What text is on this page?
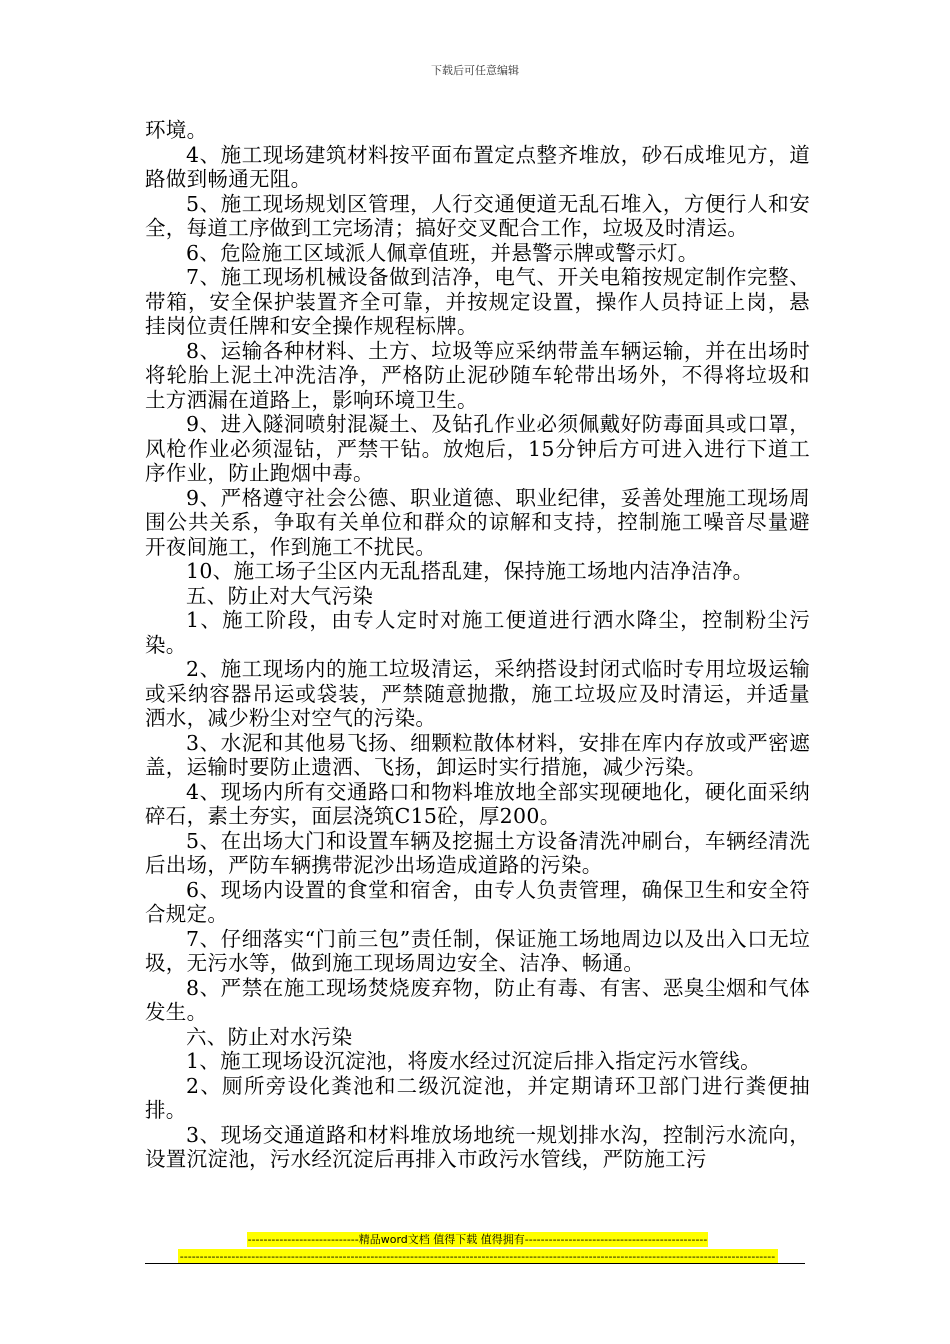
下载后可任意编辑

环境。

4、施工现场建筑材料按平面布置定点整齐堆放，砂石成堆见方，道路做到畅通无阻。

5、施工现场规划区管理，人行交通便道无乱石堆入，方便行人和安全，每道工序做到工完场清；搞好交叉配合工作，垃圾及时清运。

6、危险施工区域派人佩章值班，并悬警示牌或警示灯。

7、施工现场机械设备做到洁净，电气、开关电箱按规定制作完整、带箱，安全保护装置齐全可靠，并按规定设置，操作人员持证上岗，悬挂岗位责任牌和安全操作规程标牌。

8、运输各种材料、土方、垃圾等应采纳带盖车辆运输，并在出场时将轮胎上泥土冲洗洁净，严格防止泥砂随车轮带出场外，不得将垃圾和土方洒漏在道路上，影响环境卫生。

9、进入隧洞喷射混凝土、及钻孔作业必须佩戴好防毒面具或口罩，风枪作业必须湿钻，严禁干钻。放炮后，15分钟后方可进入进行下道工序作业，防止跑烟中毒。

9、严格遵守社会公德、职业道德、职业纪律，妥善处理施工现场周围公共关系，争取有关单位和群众的谅解和支持，控制施工噪音尽量避开夜间施工，作到施工不扰民。

10、施工场子尘区内无乱搭乱建，保持施工场地内洁净洁净。

五、防止对大气污染

1、施工阶段，由专人定时对施工便道进行洒水降尘，控制粉尘污染。

2、施工现场内的施工垃圾清运，采纳搭设封闭式临时专用垃圾运输或采纳容器吊运或袋装，严禁随意抛撒，施工垃圾应及时清运，并适量洒水，减少粉尘对空气的污染。

3、水泥和其他易飞扬、细颗粒散体材料，安排在库内存放或严密遮盖，运输时要防止遗洒、飞扬，卸运时实行措施，减少污染。

4、现场内所有交通路口和物料堆放地全部实现硬地化，硬化面采纳碎石，素土夯实，面层浇筑C15砼，厚200。

5、在出场大门和设置车辆及挖掘土方设备清洗冲刷台，车辆经清洗后出场，严防车辆携带泥沙出场造成道路的污染。

6、现场内设置的食堂和宿舍，由专人负责管理，确保卫生和安全符合规定。

7、仔细落实“门前三包”责任制，保证施工场地周边以及出入口无垃圾，无污水等，做到施工现场周边安全、洁净、畅通。

8、严禁在施工现场焚烧废弃物，防止有毒、有害、恶臭尘烟和气体发生。

六、防止对水污染

1、施工现场设沉淀池，将废水经过沉淀后排入指定污水管线。

2、厕所旁设化粪池和二级沉淀池，并定期请环卫部门进行粪便抽排。

3、现场交通道路和材料堆放场地统一规划排水沟，控制污水流向，设置沉淀池，污水经沉淀后再排入市政污水管线，严防施工污

----------------------------精品word文档 值得下载 值得拥有----------------------------------------------
------------------------------------------------------------------------------------------------------------------------------------------------------
